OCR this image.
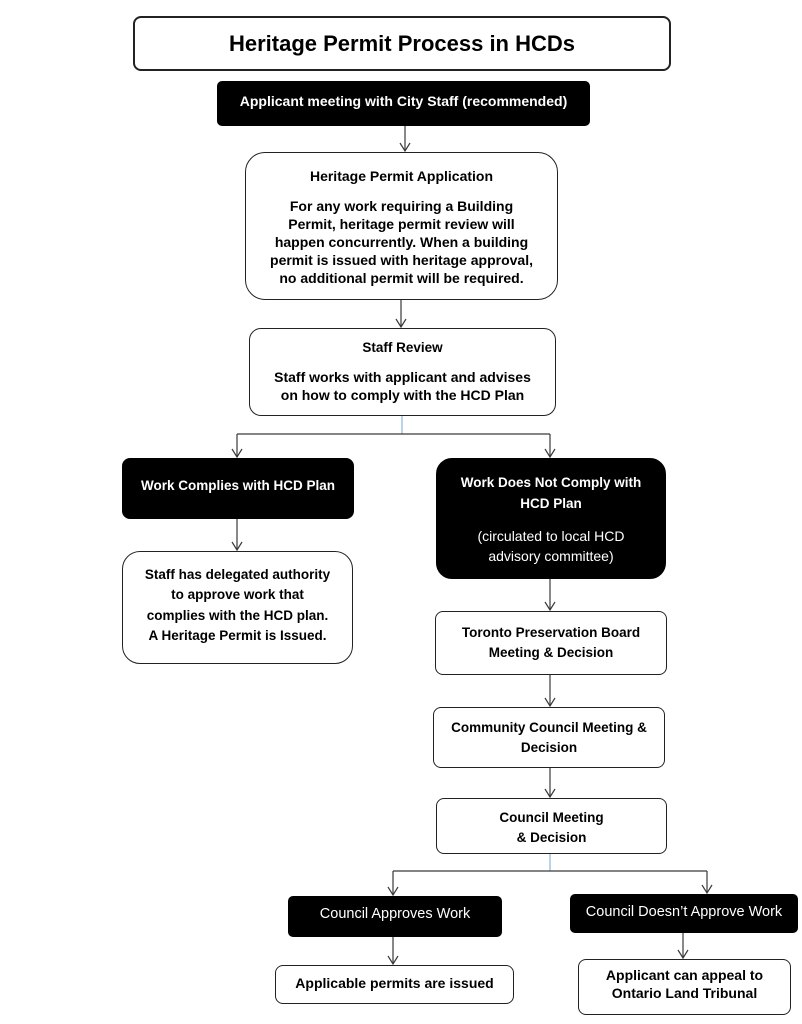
Heritage Permit Process in HCDs
Applicant meeting with City Staff (recommended)
Heritage Permit Application
For any work requiring a Building
Permit, heritage permit review will
happen concurrently. When a building
permit is issued with heritage approval,
no additional permit will be required.
Staff Review
Staff works with applicant and advises
on how to comply with the HCD Plan
Work Complies with HCD Plan	Work Does Not Comply with
HCD Plan
(circulated to local HCD
advisory committee)
Staff has delegated authority
to approve work that
complies with the HCD plan.
A Heritage Permit is Issued.	Toronto Preservation Board
Meeting & Decision
Community Council Meeting &
Decision
Council Meeting
& Decision
Council Approves Work	Council Doesn’t Approve Work
Applicable permits are issued	Applicant can appeal to
Ontario Land Tribunal
